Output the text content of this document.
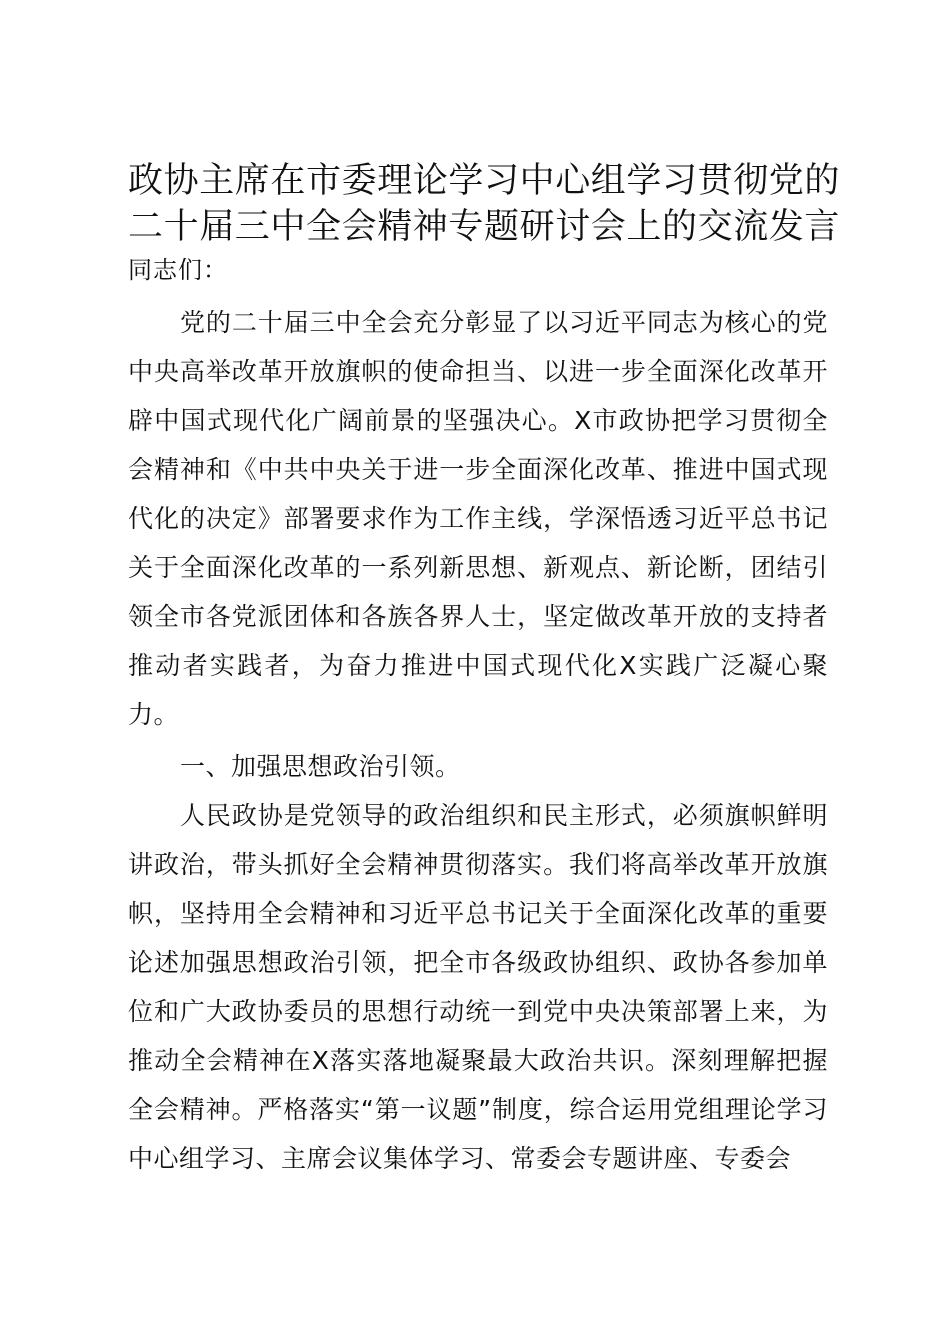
政协主席在市委理论学习中心组学习贯彻党的
二十届三中全会精神专题研讨会上的交流发言
同志们：

党的二十届三中全会充分彰显了以习近平同志为核心的党中央高举改革开放旗帜的使命担当、以进一步全面深化改革开辟中国式现代化广阔前景的坚强决心。X市政协把学习贯彻全会精神和《中共中央关于进一步全面深化改革、推进中国式现代化的决定》部署要求作为工作主线，学深悟透习近平总书记关于全面深化改革的一系列新思想、新观点、新论断，团结引领全市各党派团体和各族各界人士，坚定做改革开放的支持者推动者实践者，为奋力推进中国式现代化X实践广泛凝心聚力。

一、加强思想政治引领。

人民政协是党领导的政治组织和民主形式，必须旗帜鲜明讲政治，带头抓好全会精神贯彻落实。我们将高举改革开放旗帜，坚持用全会精神和习近平总书记关于全面深化改革的重要论述加强思想政治引领，把全市各级政协组织、政协各参加单位和广大政协委员的思想行动统一到党中央决策部署上来，为推动全会精神在X落实落地凝聚最大政治共识。深刻理解把握全会精神。严格落实“第一议题”制度，综合运用党组理论学习中心组学习、主席会议集体学习、常委会专题讲座、专委会
